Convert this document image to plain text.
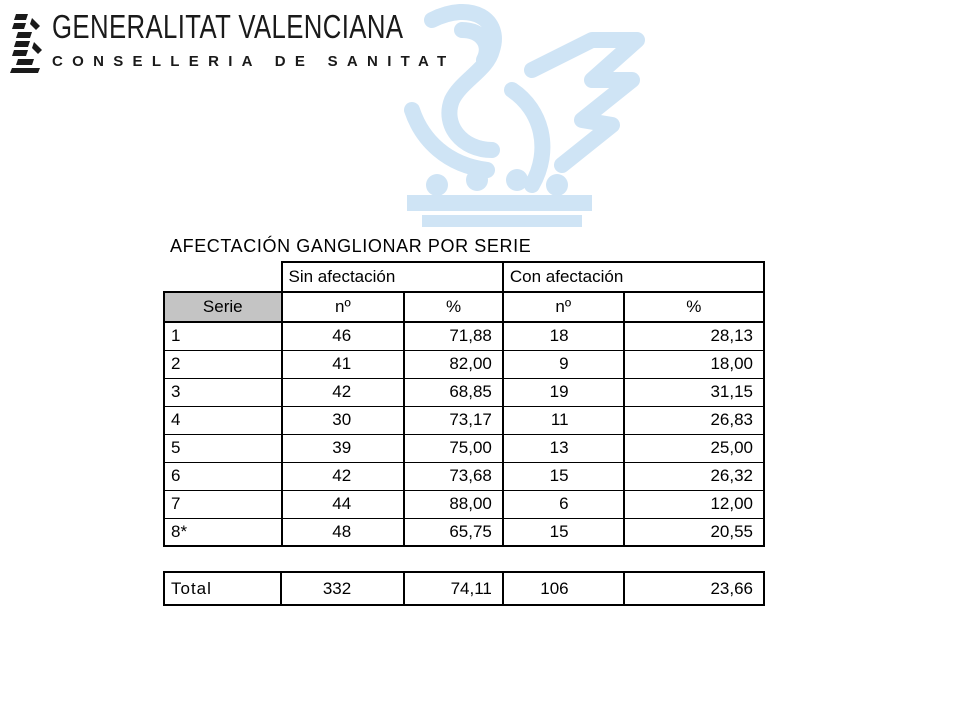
GENERALITAT VALENCIANA
CONSELLERIA DE SANITAT
AFECTACIÓN GANGLIONAR POR SERIE
	Sin afectación		Con afectación	
Serie	nº	%	nº	%
1	46	71,88	18	28,13
2	41	82,00	9	18,00
3	42	68,85	19	31,15
4	30	73,17	11	26,83
5	39	75,00	13	25,00
6	42	73,68	15	26,32
7	44	88,00	6	12,00
8*	48	65,75	15	20,55
Total	332	74,11	106	23,66
